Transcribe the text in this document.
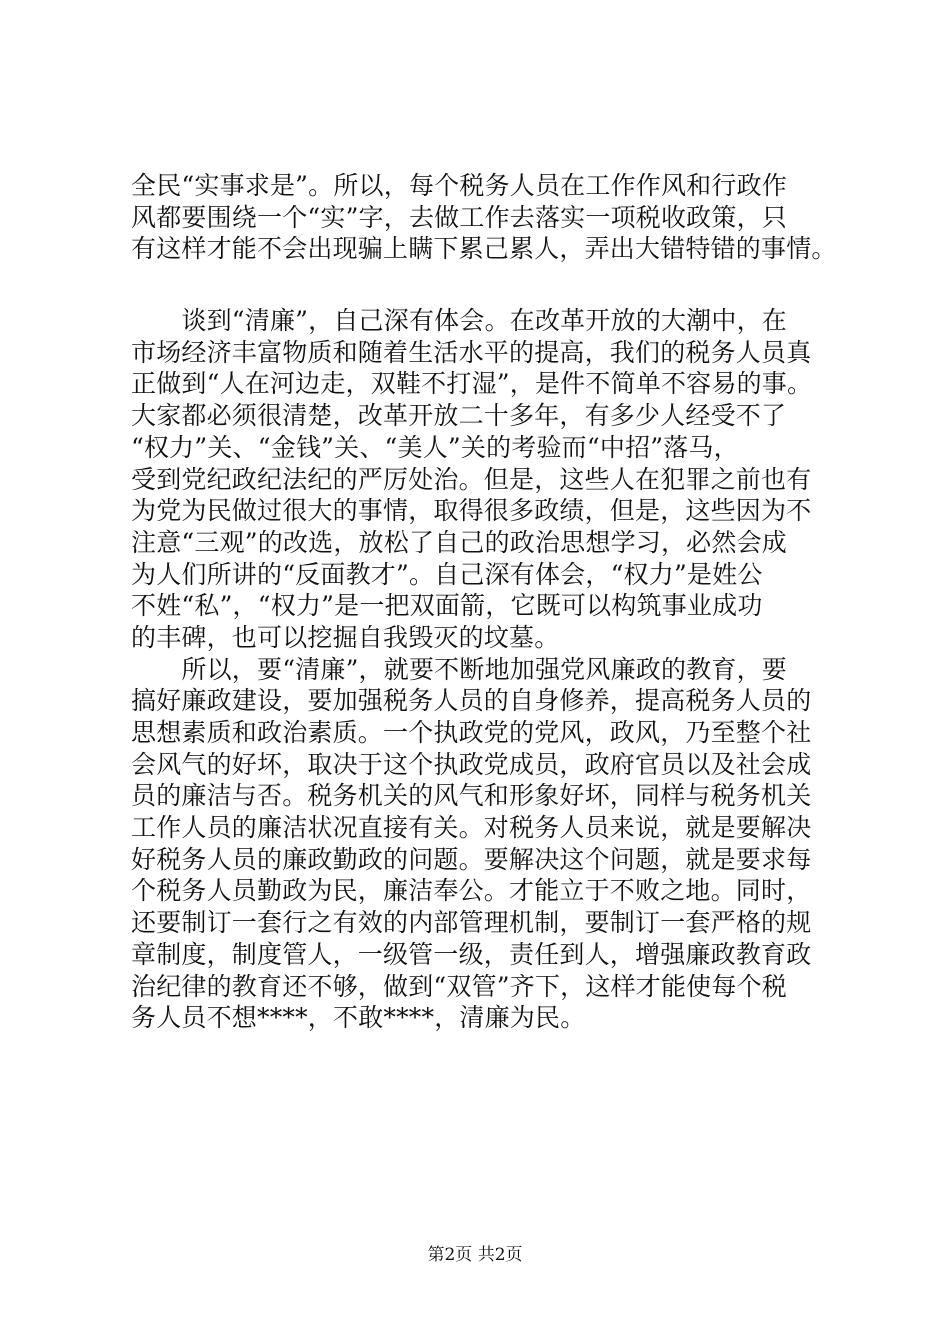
全民“实事求是”。所以，每个税务人员在工作作风和行政作
风都要围绕一个“实”字，去做工作去落实一项税收政策，只
有这样才能不会出现骗上瞒下累己累人，弄出大错特错的事情。
　　谈到“清廉”，自己深有体会。在改革开放的大潮中，在
市场经济丰富物质和随着生活水平的提高，我们的税务人员真
正做到“人在河边走，双鞋不打湿”，是件不简单不容易的事。
大家都必须很清楚，改革开放二十多年，有多少人经受不了
“权力”关、“金钱”关、“美人”关的考验而“中招”落马，
受到党纪政纪法纪的严厉处治。但是，这些人在犯罪之前也有
为党为民做过很大的事情，取得很多政绩，但是，这些因为不
注意“三观”的改选，放松了自己的政治思想学习，必然会成
为人们所讲的“反面教才”。自己深有体会，“权力”是姓公
不姓“私”，“权力”是一把双面箭，它既可以构筑事业成功
的丰碑，也可以挖掘自我毁灭的坟墓。
　　所以，要“清廉”，就要不断地加强党风廉政的教育，要
搞好廉政建设，要加强税务人员的自身修养，提高税务人员的
思想素质和政治素质。一个执政党的党风，政风，乃至整个社
会风气的好坏，取决于这个执政党成员，政府官员以及社会成
员的廉洁与否。税务机关的风气和形象好坏，同样与税务机关
工作人员的廉洁状况直接有关。对税务人员来说，就是要解决
好税务人员的廉政勤政的问题。要解决这个问题，就是要求每
个税务人员勤政为民，廉洁奉公。才能立于不败之地。同时，
还要制订一套行之有效的内部管理机制，要制订一套严格的规
章制度，制度管人，一级管一级，责任到人，增强廉政教育政
治纪律的教育还不够，做到“双管”齐下，这样才能使每个税
务人员不想****，不敢****，清廉为民。
第2页 共2页
